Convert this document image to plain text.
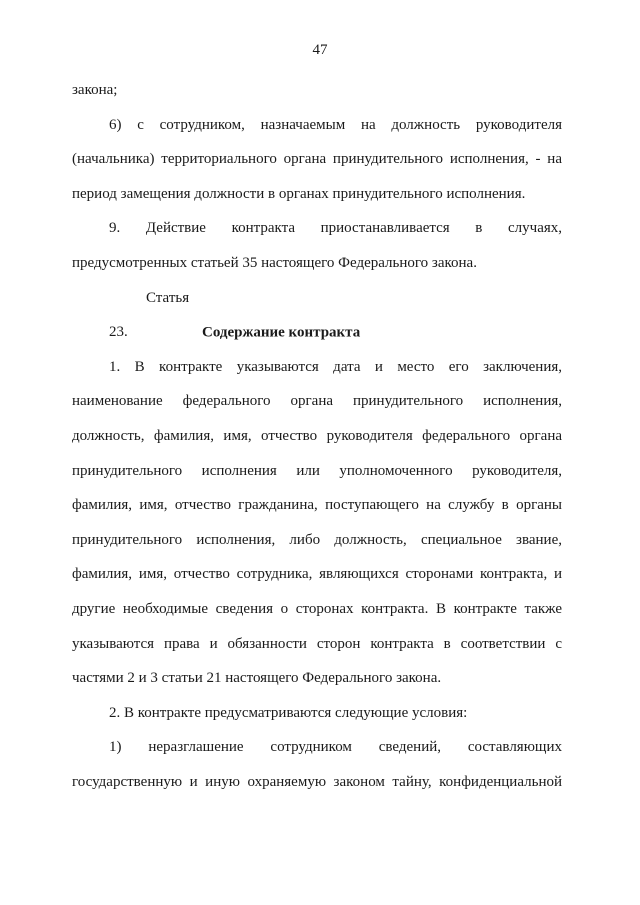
47

закона;

6) с сотрудником, назначаемым на должность руководителя (начальника) территориального органа принудительного исполнения, - на период замещения должности в органах принудительного исполнения.

9. Действие контракта приостанавливается в случаях, предусмотренных статьей 35 настоящего Федерального закона.

Статья 23.	Содержание контракта

1. В контракте указываются дата и место его заключения, наименование федерального органа принудительного исполнения, должность, фамилия, имя, отчество руководителя федерального органа принудительного исполнения или уполномоченного руководителя, фамилия, имя, отчество гражданина, поступающего на службу в органы принудительного исполнения, либо должность, специальное звание, фамилия, имя, отчество сотрудника, являющихся сторонами контракта, и другие необходимые сведения о сторонах контракта. В контракте также указываются права и обязанности сторон контракта в соответствии с частями 2 и 3 статьи 21 настоящего Федерального закона.

2. В контракте предусматриваются следующие условия:

1) неразглашение сотрудником сведений, составляющих государственную и иную охраняемую законом тайну, конфиденциальной
